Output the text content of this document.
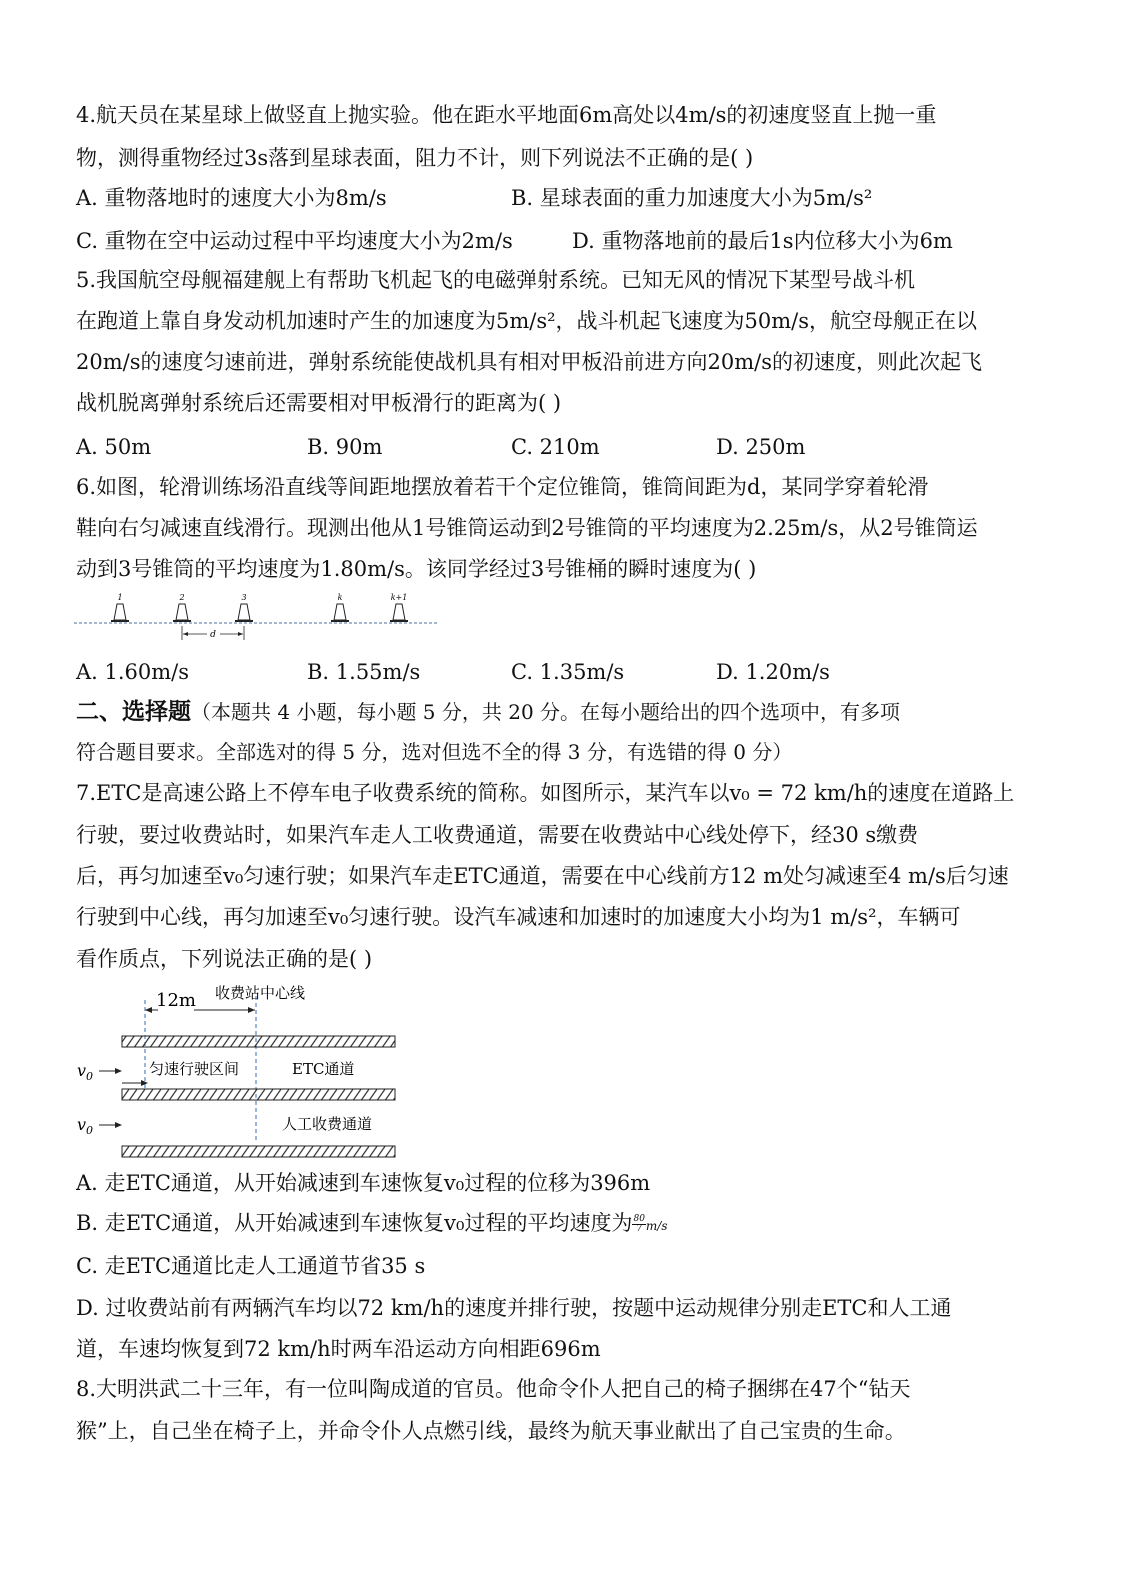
4.航天员在某星球上做竖直上抛实验。他在距水平地面6m高处以4m/s的初速度竖直上抛一重
物，测得重物经过3s落到星球表面，阻力不计，则下列说法不正确的是( )
A. 重物落地时的速度大小为8m/s	B. 星球表面的重力加速度大小为5m/s²
C. 重物在空中运动过程中平均速度大小为2m/s	D. 重物落地前的最后1s内位移大小为6m
5.我国航空母舰福建舰上有帮助飞机起飞的电磁弹射系统。已知无风的情况下某型号战斗机
在跑道上靠自身发动机加速时产生的加速度为5m/s²，战斗机起飞速度为50m/s，航空母舰正在以
20m/s的速度匀速前进，弹射系统能使战机具有相对甲板沿前进方向20m/s的初速度，则此次起飞
战机脱离弹射系统后还需要相对甲板滑行的距离为( )
A. 50m	B. 90m	C. 210m	D. 250m
6.如图，轮滑训练场沿直线等间距地摆放着若干个定位锥筒，锥筒间距为d，某同学穿着轮滑
鞋向右匀减速直线滑行。现测出他从1号锥筒运动到2号锥筒的平均速度为2.25m/s，从2号锥筒运
动到3号锥筒的平均速度为1.80m/s。该同学经过3号锥桶的瞬时速度为( )
1	2	3	k	k+1
d
A. 1.60m/s	B. 1.55m/s	C. 1.35m/s	D. 1.20m/s
二、选择题（本题共 4 小题，每小题 5 分，共 20 分。在每小题给出的四个选项中，有多项
符合题目要求。全部选对的得 5 分，选对但选不全的得 3 分，有选错的得 0 分）
7.ETC是高速公路上不停车电子收费系统的简称。如图所示，某汽车以v₀ = 72 km/h的速度在道路上
行驶，要过收费站时，如果汽车走人工收费通道，需要在收费站中心线处停下，经30 s缴费
后，再匀加速至v₀匀速行驶；如果汽车走ETC通道，需要在中心线前方12 m处匀减速至4 m/s后匀速
行驶到中心线，再匀加速至v₀匀速行驶。设汽车减速和加速时的加速度大小均为1 m/s²，车辆可
看作质点，下列说法正确的是( )
12m 收费站中心线
匀速行驶区间	ETC通道
人工收费通道
$v_0$
$v_0$
A. 走ETC通道，从开始减速到车速恢复v₀过程的位移为396m
B. 走ETC通道，从开始减速到车速恢复v₀过程的平均速度为 $\frac{80}{7} m/s$
C. 走ETC通道比走人工通道节省35 s
D. 过收费站前有两辆汽车均以72 km/h的速度并排行驶，按题中运动规律分别走ETC和人工通
道，车速均恢复到72 km/h时两车沿运动方向相距696m
8.大明洪武二十三年，有一位叫陶成道的官员。他命令仆人把自己的椅子捆绑在47个“钻天
猴”上，自己坐在椅子上，并命令仆人点燃引线，最终为航天事业献出了自己宝贵的生命。
